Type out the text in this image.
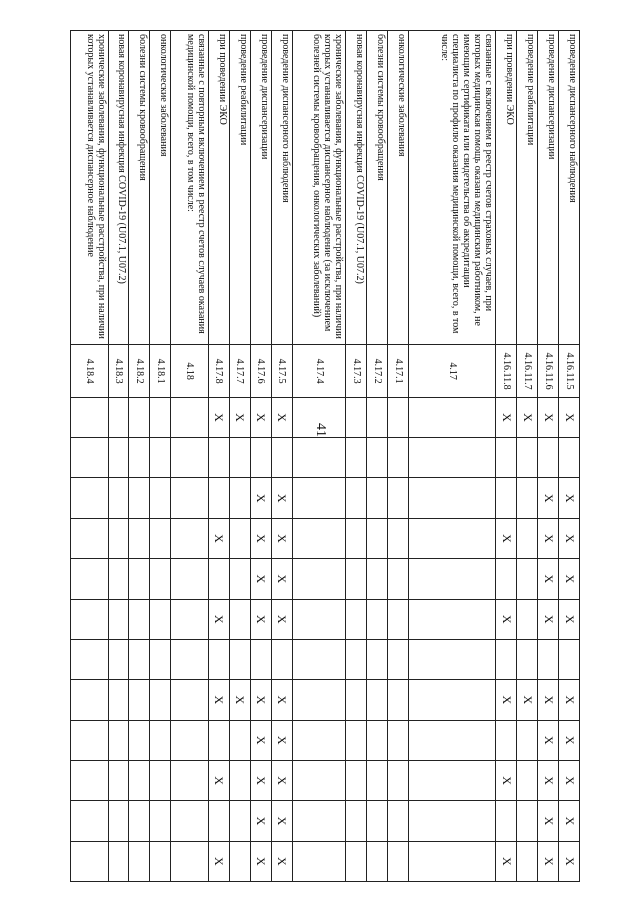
41
проведение диспансерного наблюдения	4.16.11.5	X		X	X	X	X		X	X	X	X	X
проведение диспансеризации	4.16.11.6	X		X	X	X	X		X	X	X	X	X
проведение реабилитации	4.16.11.7	X							X				
при проведении ЭКО	4.16.11.8	X			X		X		X		X		X
связанные с включением в реестр счетов страховых случаев, при которых медицинская помощь оказана медицинским работником, не имеющим сертификата или свидетельства об аккредитации специалиста по профилю оказания медицинской помощи, всего, в том числе:	4.17												
онкологические заболевания	4.17.1												
болезни системы кровообращения	4.17.2												
новая коронавирусная инфекция COVID-19 (U07.1, U07.2)	4.17.3												
хронические заболевания, функциональные расстройства, при наличии которых устанавливается диспансерное наблюдение (за исключением болезней системы кровообращения, онкологических заболеваний)	4.17.4												
проведение диспансерного наблюдения	4.17.5	X		X	X	X	X		X	X	X	X	X
проведение диспансеризации	4.17.6	X		X	X	X	X		X	X	X	X	X
проведение реабилитации	4.17.7	X							X				
при проведении ЭКО	4.17.8	X			X		X		X		X		X
связанные с повторным включением в реестр счетов случаев оказания медицинской помощи, всего, в том числе:	4.18												
онкологические заболевания	4.18.1												
болезни системы кровообращения	4.18.2												
новая коронавирусная инфекция COVID-19 (U07.1, U07.2)	4.18.3												
хронические заболевания, функциональные расстройства, при наличии которых устанавливается диспансерное наблюдение	4.18.4												
